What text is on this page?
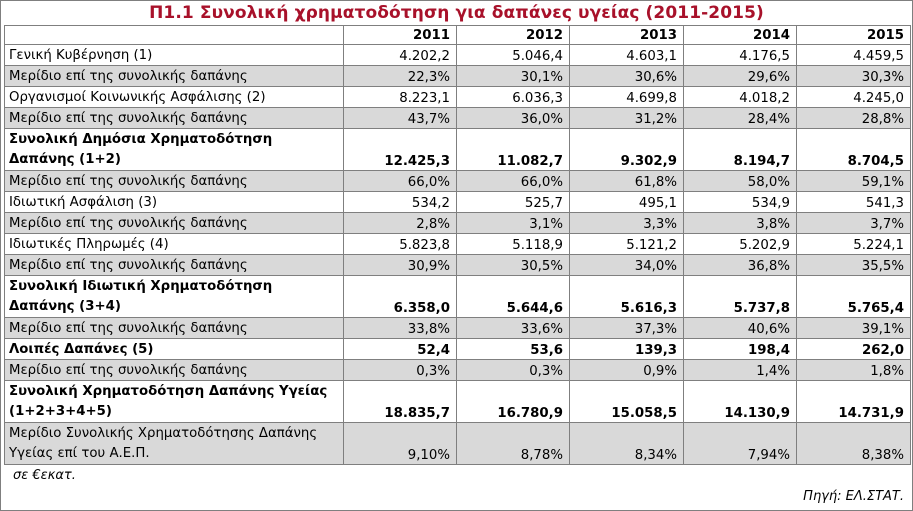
Π1.1 Συνολική χρηματοδότηση για δαπάνες υγείας (2011-2015)
	2011	2012	2013	2014	2015
Γενική Κυβέρνηση (1)	4.202,2	5.046,4	4.603,1	4.176,5	4.459,5
Μερίδιο επί της συνολικής δαπάνης	22,3%	30,1%	30,6%	29,6%	30,3%
Οργανισμοί Κοινωνικής Ασφάλισης (2)	8.223,1	6.036,3	4.699,8	4.018,2	4.245,0
Μερίδιο επί της συνολικής δαπάνης	43,7%	36,0%	31,2%	28,4%	28,8%
Συνολική Δημόσια Χρηματοδότηση Δαπάνης (1+2)	12.425,3	11.082,7	9.302,9	8.194,7	8.704,5
Μερίδιο επί της συνολικής δαπάνης	66,0%	66,0%	61,8%	58,0%	59,1%
Ιδιωτική Ασφάλιση (3)	534,2	525,7	495,1	534,9	541,3
Μερίδιο επί της συνολικής δαπάνης	2,8%	3,1%	3,3%	3,8%	3,7%
Ιδιωτικές Πληρωμές (4)	5.823,8	5.118,9	5.121,2	5.202,9	5.224,1
Μερίδιο επί της συνολικής δαπάνης	30,9%	30,5%	34,0%	36,8%	35,5%
Συνολική Ιδιωτική Χρηματοδότηση Δαπάνης (3+4)	6.358,0	5.644,6	5.616,3	5.737,8	5.765,4
Μερίδιο επί της συνολικής δαπάνης	33,8%	33,6%	37,3%	40,6%	39,1%
Λοιπές Δαπάνες (5)	52,4	53,6	139,3	198,4	262,0
Μερίδιο επί της συνολικής δαπάνης	0,3%	0,3%	0,9%	1,4%	1,8%
Συνολική Χρηματοδότηση Δαπάνης Υγείας (1+2+3+4+5)	18.835,7	16.780,9	15.058,5	14.130,9	14.731,9
Μερίδιο Συνολικής Χρηματοδότησης Δαπάνης Υγείας επί του Α.Ε.Π.	9,10%	8,78%	8,34%	7,94%	8,38%
σε €εκατ.
Πηγή: ΕΛ.ΣΤΑΤ.
